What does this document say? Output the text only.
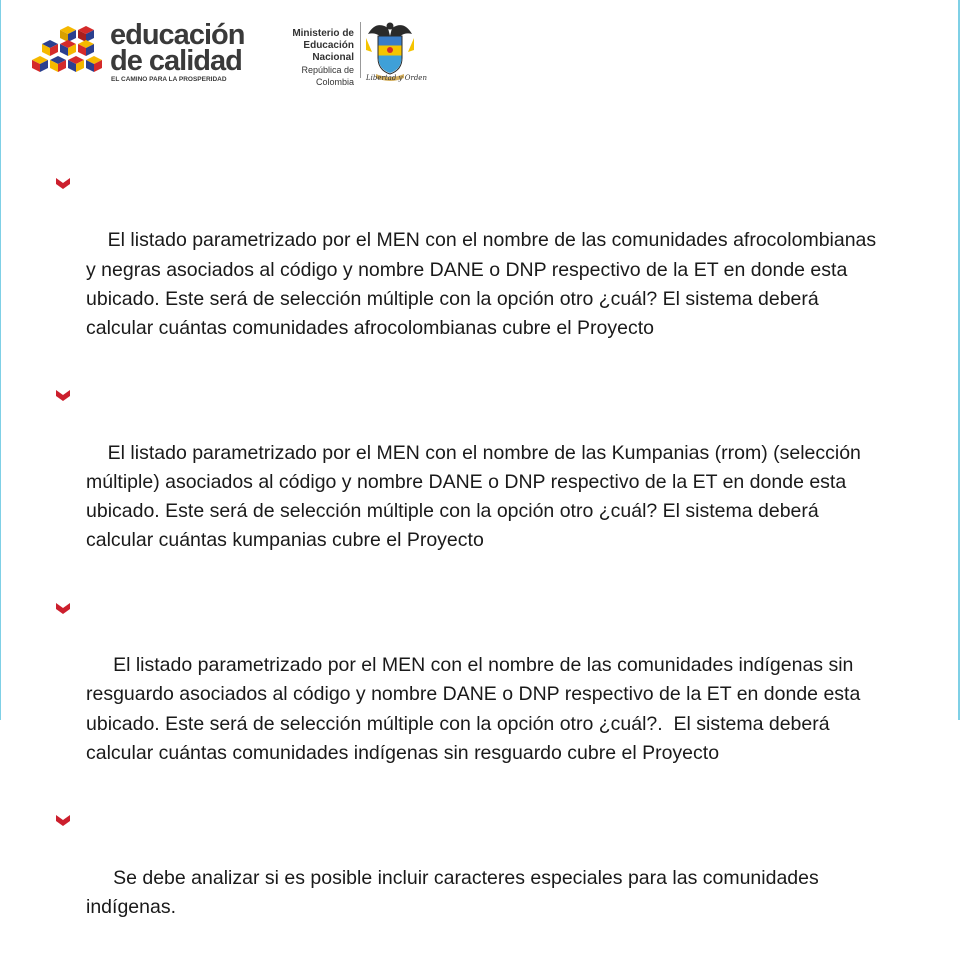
educación
de calidad
EL CAMINO PARA LA PROSPERIDAD
Ministerio de
Educación Nacional
República de Colombia Libertad y Orden

El listado parametrizado por el MEN con el nombre de las comunidades afrocolombianas y negras asociados al código y nombre DANE o DNP respectivo de la ET en donde esta ubicado. Este será de selección múltiple con la opción otro ¿cuál? El sistema deberá calcular cuántas comunidades afrocolombianas cubre el Proyecto

El listado parametrizado por el MEN con el nombre de las Kumpanias (rrom) (selección múltiple) asociados al código y nombre DANE o DNP respectivo de la ET en donde esta ubicado. Este será de selección múltiple con la opción otro ¿cuál? El sistema deberá calcular cuántas kumpanias cubre el Proyecto

El listado parametrizado por el MEN con el nombre de las comunidades indígenas sin resguardo asociados al código y nombre DANE o DNP respectivo de la ET en donde esta ubicado. Este será de selección múltiple con la opción otro ¿cuál?.  El sistema deberá calcular cuántas comunidades indígenas sin resguardo cubre el Proyecto

Se debe analizar si es posible incluir caracteres especiales para las comunidades indígenas.
